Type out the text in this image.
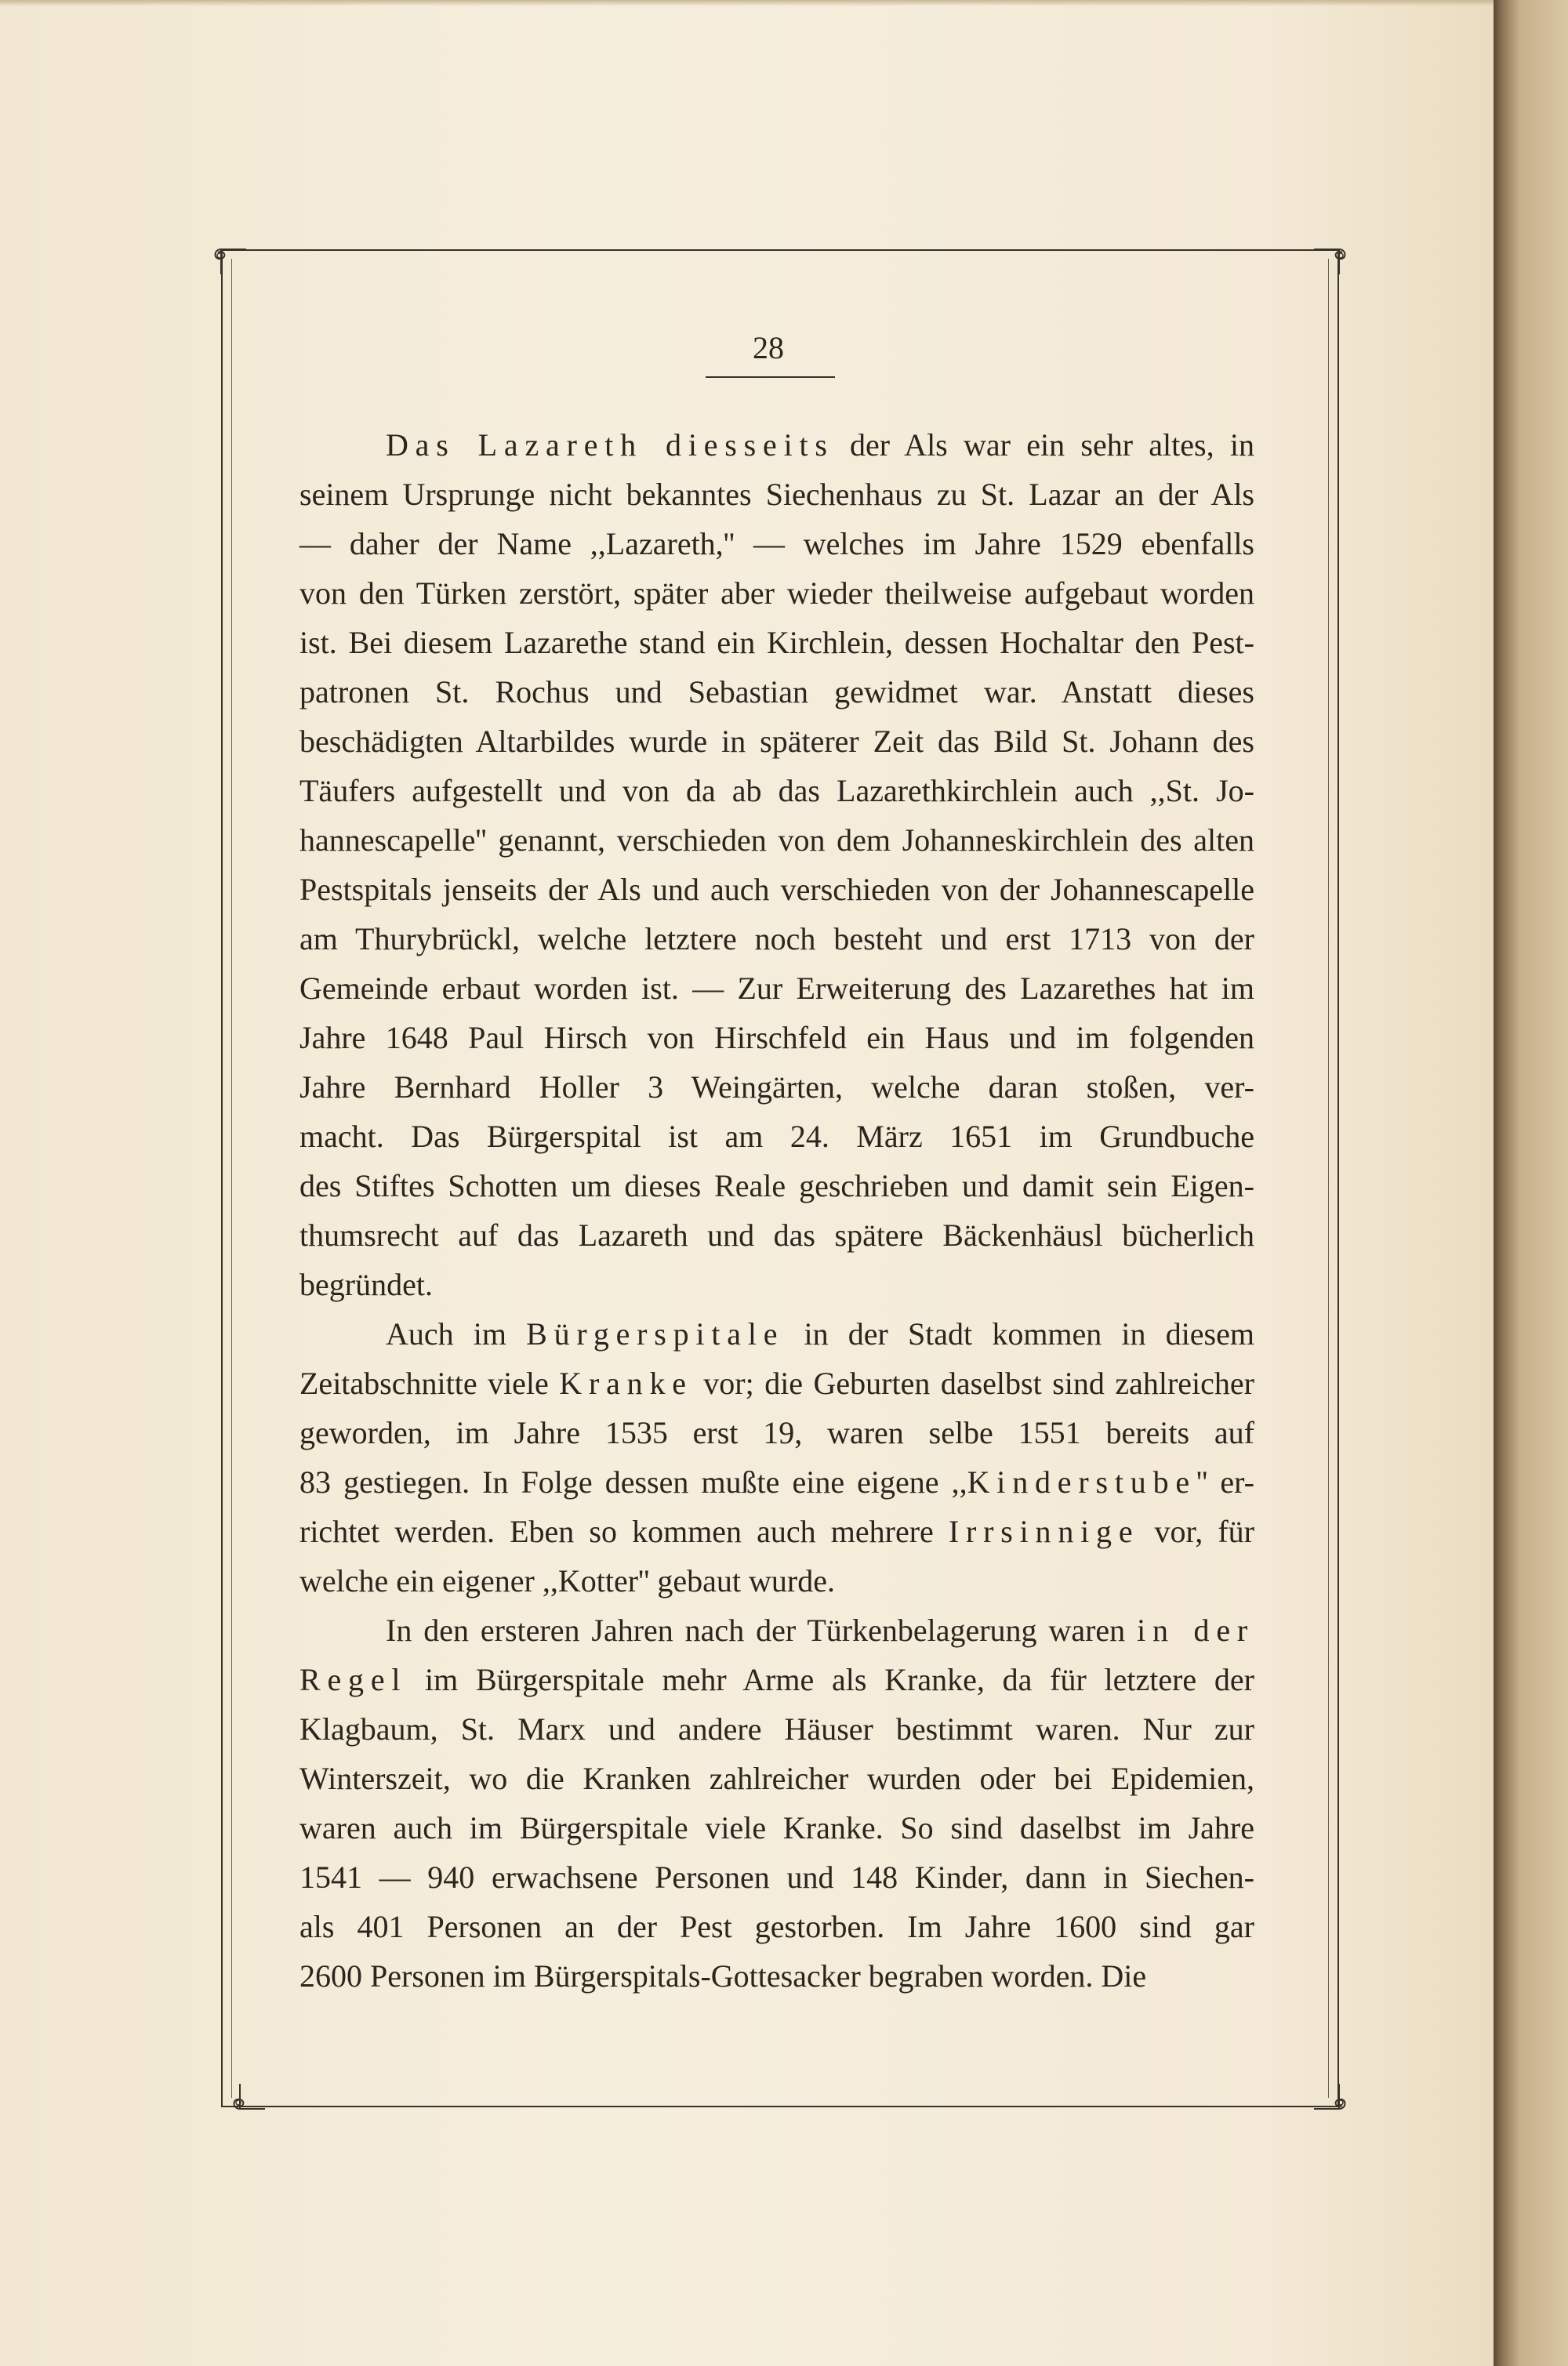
28
Das Lazareth diesseits der Als war ein sehr altes, in
seinem Ursprunge nicht bekanntes Siechenhaus zu St. Lazar an der Als
— daher der Name ,,Lazareth,'' — welches im Jahre 1529 ebenfalls
von den Türken zerstört, später aber wieder theilweise aufgebaut worden
ist. Bei diesem Lazarethe stand ein Kirchlein, dessen Hochaltar den Pest-
patronen St. Rochus und Sebastian gewidmet war. Anstatt dieses
beschädigten Altarbildes wurde in späterer Zeit das Bild St. Johann des
Täufers aufgestellt und von da ab das Lazarethkirchlein auch ,,St. Jo-
hannescapelle'' genannt, verschieden von dem Johanneskirchlein des alten
Pestspitals jenseits der Als und auch verschieden von der Johannescapelle
am Thurybrückl, welche letztere noch besteht und erst 1713 von der
Gemeinde erbaut worden ist. — Zur Erweiterung des Lazarethes hat im
Jahre 1648 Paul Hirsch von Hirschfeld ein Haus und im folgenden
Jahre Bernhard Holler 3 Weingärten, welche daran stoßen, ver-
macht. Das Bürgerspital ist am 24. März 1651 im Grundbuche
des Stiftes Schotten um dieses Reale geschrieben und damit sein Eigen-
thumsrecht auf das Lazareth und das spätere Bäckenhäusl bücherlich
begründet.
Auch im Bürgerspitale in der Stadt kommen in diesem
Zeitabschnitte viele Kranke vor; die Geburten daselbst sind zahlreicher
geworden, im Jahre 1535 erst 19, waren selbe 1551 bereits auf
83 gestiegen. In Folge dessen mußte eine eigene ,,Kinderstube'' er-
richtet werden. Eben so kommen auch mehrere Irrsinnige vor, für
welche ein eigener ,,Kotter'' gebaut wurde.
In den ersteren Jahren nach der Türkenbelagerung waren in der
Regel im Bürgerspitale mehr Arme als Kranke, da für letztere der
Klagbaum, St. Marx und andere Häuser bestimmt waren. Nur zur
Winterszeit, wo die Kranken zahlreicher wurden oder bei Epidemien,
waren auch im Bürgerspitale viele Kranke. So sind daselbst im Jahre
1541 — 940 erwachsene Personen und 148 Kinder, dann in Siechen-
als 401 Personen an der Pest gestorben. Im Jahre 1600 sind gar
2600 Personen im Bürgerspitals-Gottesacker begraben worden. Die
